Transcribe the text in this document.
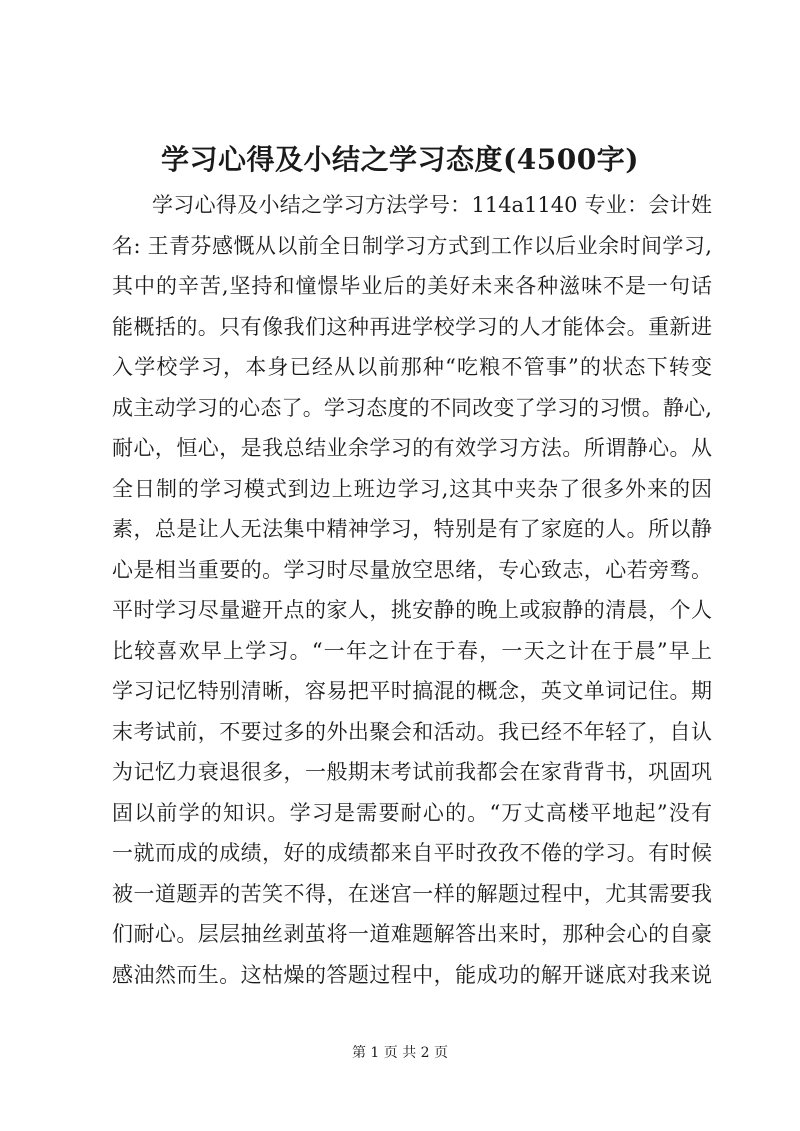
学习心得及小结之学习态度(4500字)
学习心得及小结之学习方法学号：114a1140 专业：会计姓
名: 王青芬感慨从以前全日制学习方式到工作以后业余时间学习,
其中的辛苦,坚持和憧憬毕业后的美好未来各种滋味不是一句话
能概括的。只有像我们这种再进学校学习的人才能体会。重新进
入学校学习，本身已经从以前那种“吃粮不管事”的状态下转变
成主动学习的心态了。学习态度的不同改变了学习的习惯。静心,
耐心，恒心，是我总结业余学习的有效学习方法。所谓静心。从
全日制的学习模式到边上班边学习,这其中夹杂了很多外来的因
素，总是让人无法集中精神学习，特别是有了家庭的人。所以静
心是相当重要的。学习时尽量放空思绪，专心致志，心若旁骛。
平时学习尽量避开点的家人，挑安静的晚上或寂静的清晨，个人
比较喜欢早上学习。“一年之计在于春，一天之计在于晨”早上
学习记忆特别清晰，容易把平时搞混的概念，英文单词记住。期
末考试前，不要过多的外出聚会和活动。我已经不年轻了，自认
为记忆力衰退很多，一般期末考试前我都会在家背背书，巩固巩
固以前学的知识。学习是需要耐心的。“万丈高楼平地起”没有
一就而成的成绩，好的成绩都来自平时孜孜不倦的学习。有时候
被一道题弄的苦笑不得，在迷宫一样的解题过程中，尤其需要我
们耐心。层层抽丝剥茧将一道难题解答出来时，那种会心的自豪
感油然而生。这枯燥的答题过程中，能成功的解开谜底对我来说
第 1 页 共 2 页
